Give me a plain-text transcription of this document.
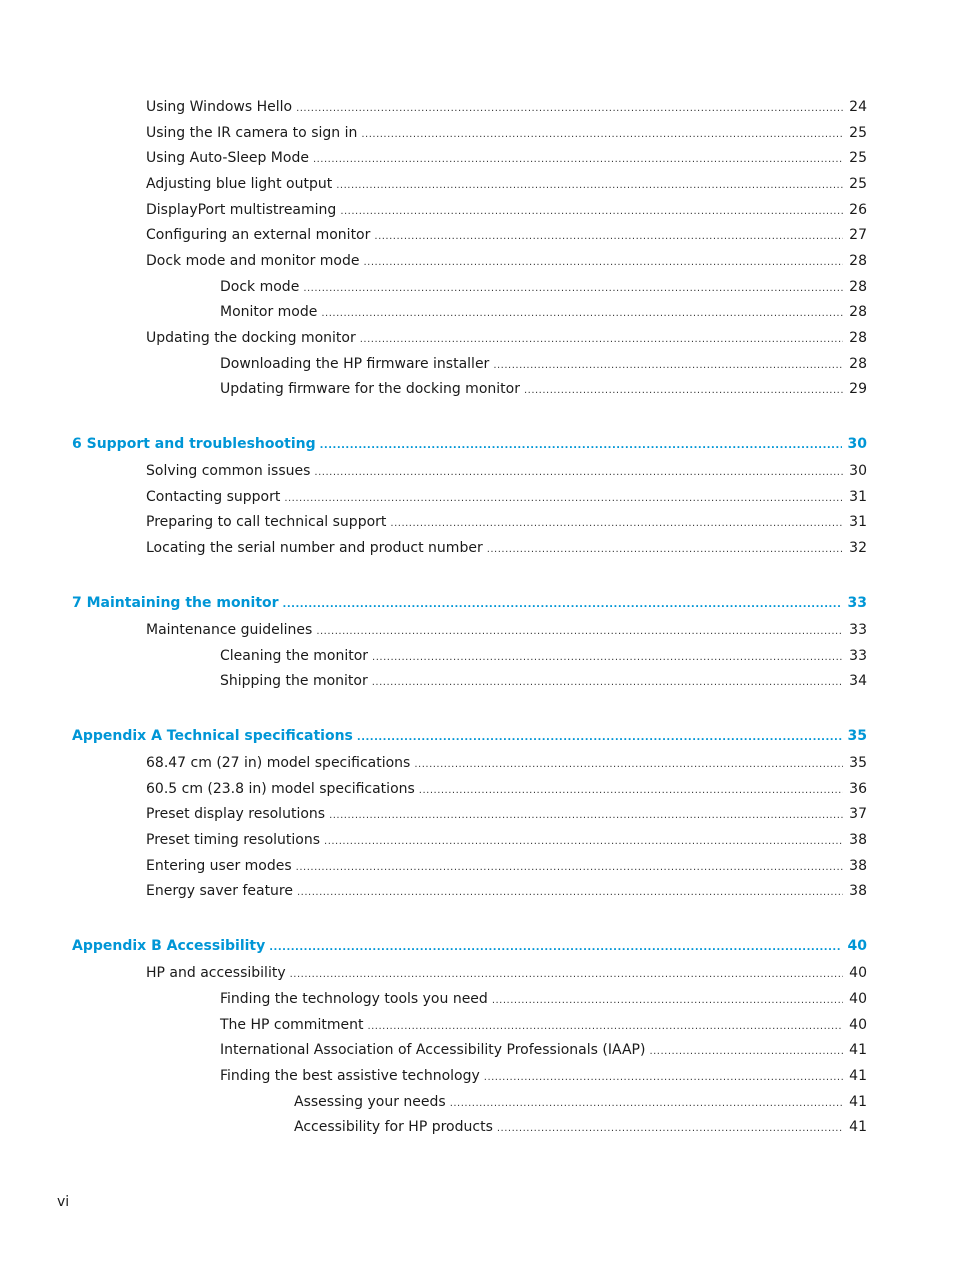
Using Windows Hello .....	24
Using the IR camera to sign in .....	25
Using Auto-Sleep Mode .....	25
Adjusting blue light output .....	25
DisplayPort multistreaming .....	26
Configuring an external monitor .....	27
Dock mode and monitor mode .....	28
Dock mode .....	28
Monitor mode .....	28
Updating the docking monitor .....	28
Downloading the HP firmware installer .....	28
Updating firmware for the docking monitor .....	29
6 Support and troubleshooting .....	30
Solving common issues .....	30
Contacting support .....	31
Preparing to call technical support .....	31
Locating the serial number and product number .....	32
7 Maintaining the monitor .....	33
Maintenance guidelines .....	33
Cleaning the monitor .....	33
Shipping the monitor .....	34
Appendix A Technical specifications .....	35
68.47 cm (27 in) model specifications .....	35
60.5 cm (23.8 in) model specifications .....	36
Preset display resolutions .....	37
Preset timing resolutions .....	38
Entering user modes .....	38
Energy saver feature .....	38
Appendix B Accessibility .....	40
HP and accessibility .....	40
Finding the technology tools you need .....	40
The HP commitment .....	40
International Association of Accessibility Professionals (IAAP) .....	41
Finding the best assistive technology .....	41
Assessing your needs .....	41
Accessibility for HP products .....	41
vi
